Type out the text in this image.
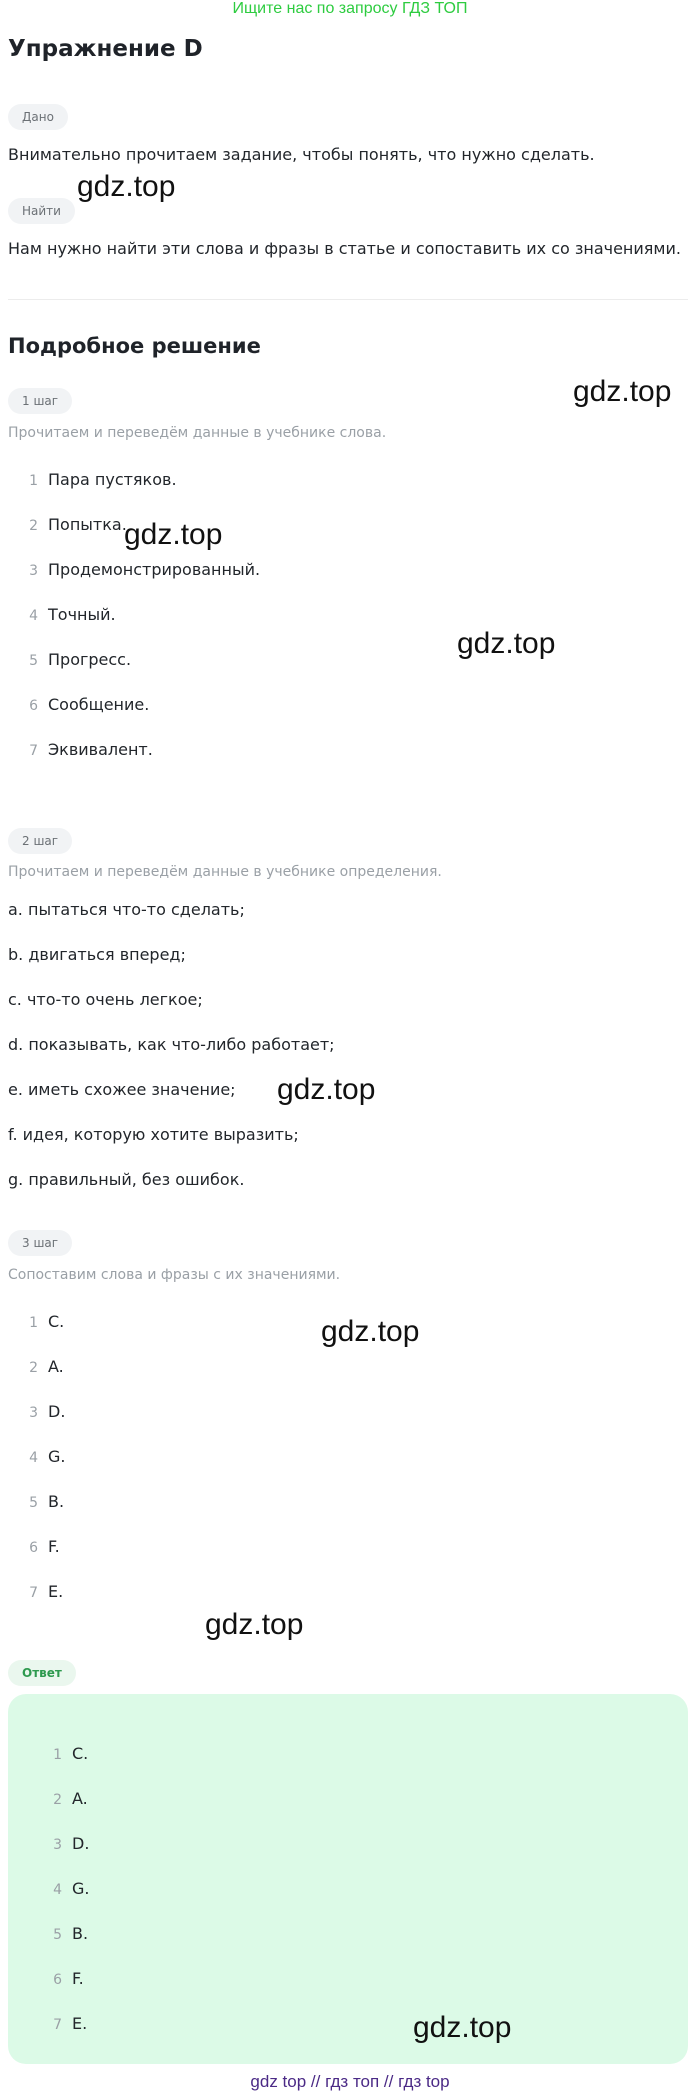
Ищите нас по запросу ГДЗ ТОП
Упражнение D
Дано
Внимательно прочитаем задание, чтобы понять, что нужно сделать.
Найти
Нам нужно найти эти слова и фразы в статье и сопоставить их со значениями.
Подробное решение
1 шаг
Прочитаем и переведём данные в учебнике слова.
1 Пара пустяков.
2 Попытка.
3 Продемонстрированный.
4 Точный.
5 Прогресс.
6 Сообщение.
7 Эквивалент.
2 шаг
Прочитаем и переведём данные в учебнике определения.
a. пытаться что-то сделать;
b. двигаться вперед;
c. что-то очень легкое;
d. показывать, как что-либо работает;
e. иметь схожее значение;
f. идея, которую хотите выразить;
g. правильный, без ошибок.
3 шаг
Сопоставим слова и фразы с их значениями.
1 C.
2 A.
3 D.
4 G.
5 B.
6 F.
7 E.
Ответ
1 C.
2 A.
3 D.
4 G.
5 B.
6 F.
7 E.
gdz.top
gdz.top
gdz.top
gdz.top
gdz.top
gdz.top
gdz.top
gdz.top
gdz top // гдз топ // гдз top
